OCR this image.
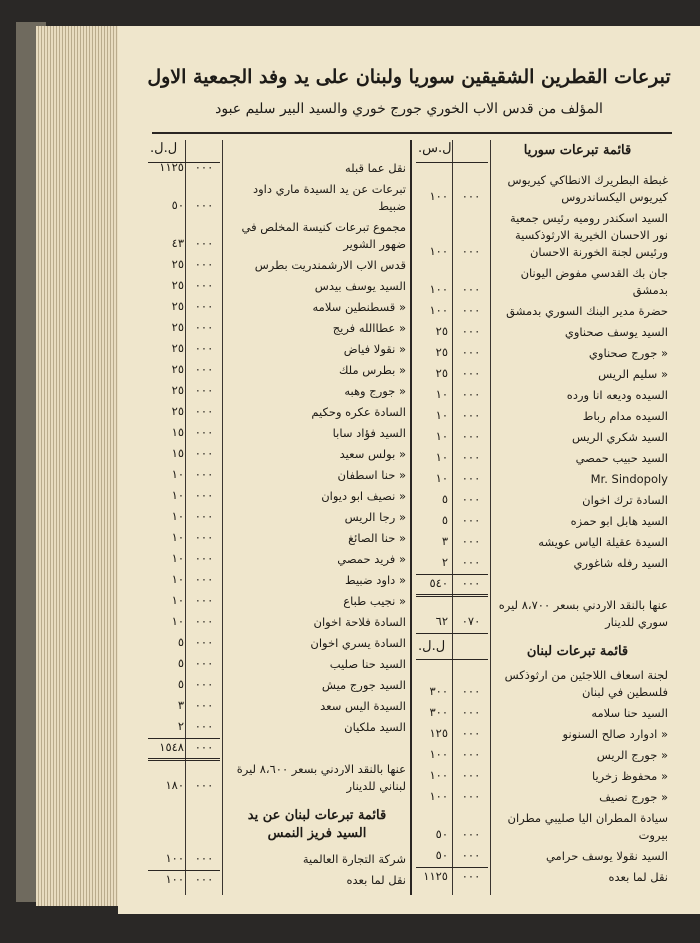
تبرعات القطرين الشقيقين سوريا ولبنان على يد وفد الجمعية الاول
المؤلف من قدس الاب الخوري جورج خوري والسيد البير سليم عبود
ل.س.
ل.ل.	قائمة تبرعات سوريا
غبطة البطريرك الانطاكي كيريوس كيريوس اليكساندروس
١٠٠	٠٠٠
السيد اسكندر روميه رئيس جمعية نور الاحسان الخيرية الارثوذكسية ورئيس لجنة الخورنة الاحسان
١٠٠	٠٠٠
جان بك القدسي مفوض اليونان بدمشق
١٠٠	٠٠٠
حضرة مدير البنك السوري بدمشق
١٠٠	٠٠٠
السيد يوسف صحناوي
٢٥	٠٠٠
« جورج صحناوي
٢٥	٠٠٠
« سليم الريس
٢٥	٠٠٠
السيده وديعه انا ورده
١٠	٠٠٠
السيده مدام رباط
١٠	٠٠٠
السيد شكري الريس
١٠	٠٠٠
السيد حبيب حمصي
١٠	٠٠٠
Mr. Sindopoly
١٠	٠٠٠
السادة ترك اخوان
٥	٠٠٠
السيد هابل ابو حمزه
٥	٠٠٠
السيدة عقيلة الياس عويشه
٣	٠٠٠
السيد رفله شاغوري
٢	٠٠٠
٥٤٠	٠٠٠
عنها بالنقد الاردني بسعر ٨،٧٠٠ ليره سوري للدينار
٦٢	٠٧٠
ل.ل.	قائمة تبرعات لبنان
لجنة اسعاف اللاجئين من ارثوذكس فلسطين في لبنان
٣٠٠	٠٠٠
السيد حنا سلامه
٣٠٠	٠٠٠
« ادوارد صالح السنونو
١٢٥	٠٠٠
« جورج الريس
١٠٠	٠٠٠
« محفوظ زخريا
١٠٠	٠٠٠
« جورج نصيف
١٠٠	٠٠٠
سيادة المطران اليا صليبي مطران بيروت
٥٠	٠٠٠
السيد نقولا يوسف حرامي
٥٠	٠٠٠
نقل لما بعده
١١٢٥	٠٠٠
نقل عما قبله
١١٢٥ ٠٠٠
تبرعات عن يد السيدة ماري داود ضبيط
٥٠ ٠٠٠
مجموع تبرعات كنيسة المخلص في ضهور الشوير
٤٣ ٠٠٠
قدس الاب الارشمندريت بطرس
٢٥ ٠٠٠
السيد يوسف بيدس
٢٥ ٠٠٠
« قسطنطين سلامه
٢٥ ٠٠٠
« عطاالله فريج
٢٥ ٠٠٠
« نقولا فياض
٢٥ ٠٠٠
« بطرس ملك
٢٥ ٠٠٠
« جورج وهبه
٢٥ ٠٠٠
السادة عكره وحكيم
٢٥ ٠٠٠
السيد فؤاد سابا
١٥ ٠٠٠
« بولس سعيد
١٥ ٠٠٠
« حنا اسطفان
١٠ ٠٠٠
« نصيف ابو ديوان
١٠ ٠٠٠
« رجا الريس
١٠ ٠٠٠
« حنا الصائغ
١٠ ٠٠٠
« فريد حمصي
١٠ ٠٠٠
« داود ضبيط
١٠ ٠٠٠
« نجيب طباع
١٠ ٠٠٠
السادة فلاحة اخوان
١٠ ٠٠٠
السادة يسري اخوان
٥ ٠٠٠
السيد حنا صليب
٥ ٠٠٠
السيد جورج ميش
٥ ٠٠٠
السيدة اليس سعد
٣ ٠٠٠
السيد ملكيان
٢ ٠٠٠
١٥٤٨ ٠٠٠
عنها بالنقد الاردني بسعر ٨،٦٠٠ ليرة لبناني للدينار
١٨٠ ٠٠٠
قائمة تبرعات لبنان عن يد السيد فريز النمس
شركة التجارة العالمية
١٠٠ ٠٠٠
نقل لما بعده
١٠٠ ٠٠٠
